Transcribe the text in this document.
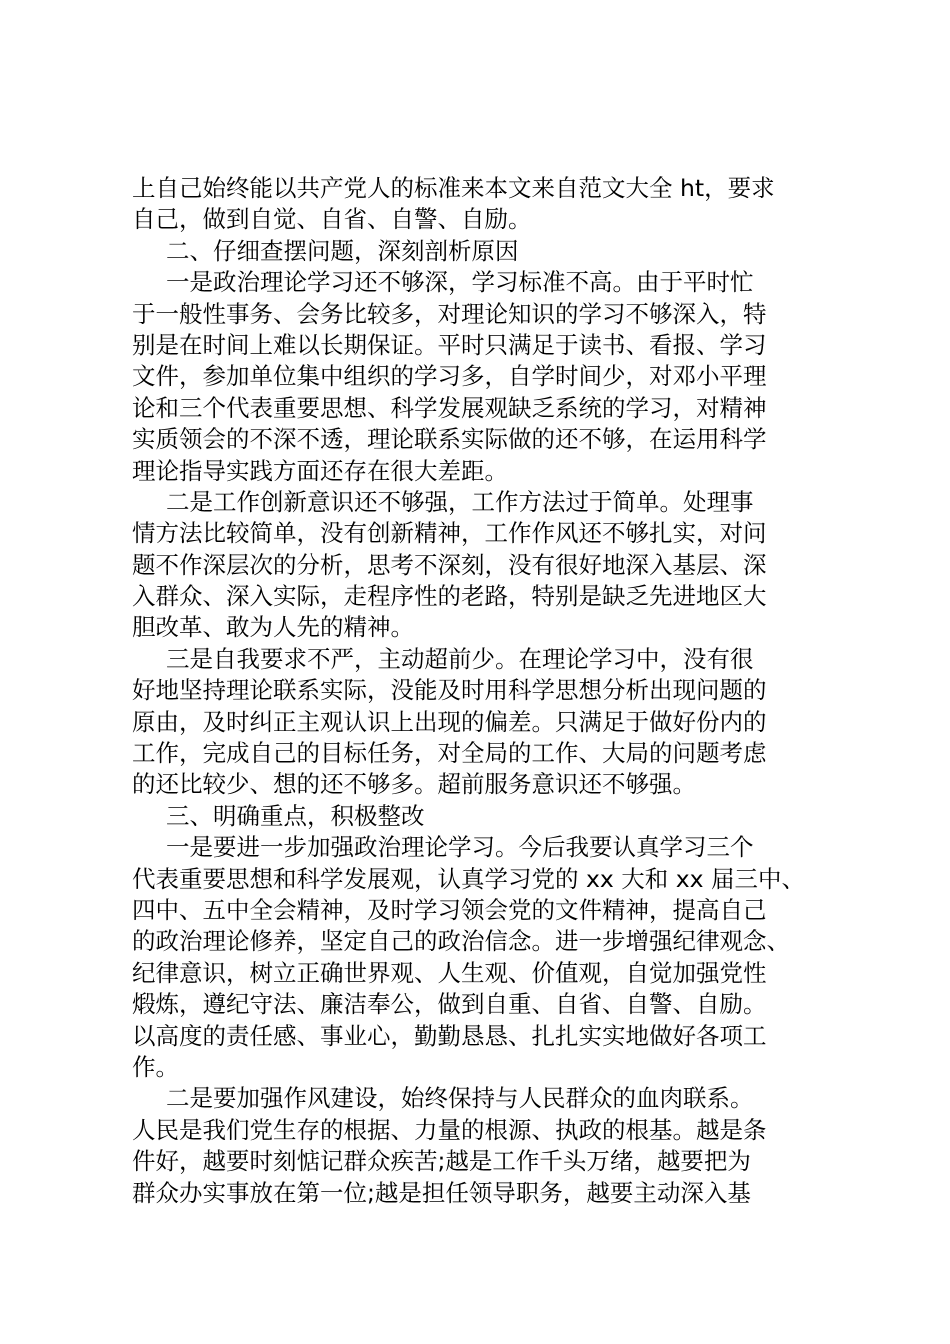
上自己始终能以共产党人的标准来本文来自范文大全 ht，要求
自己，做到自觉、自省、自警、自励。
二、仔细查摆问题，深刻剖析原因
一是政治理论学习还不够深，学习标准不高。由于平时忙
于一般性事务、会务比较多，对理论知识的学习不够深入，特
别是在时间上难以长期保证。平时只满足于读书、看报、学习
文件，参加单位集中组织的学习多，自学时间少，对邓小平理
论和三个代表重要思想、科学发展观缺乏系统的学习，对精神
实质领会的不深不透，理论联系实际做的还不够，在运用科学
理论指导实践方面还存在很大差距。
二是工作创新意识还不够强，工作方法过于简单。处理事
情方法比较简单，没有创新精神，工作作风还不够扎实，对问
题不作深层次的分析，思考不深刻，没有很好地深入基层、深
入群众、深入实际，走程序性的老路，特别是缺乏先进地区大
胆改革、敢为人先的精神。
三是自我要求不严，主动超前少。在理论学习中，没有很
好地坚持理论联系实际，没能及时用科学思想分析出现问题的
原由，及时纠正主观认识上出现的偏差。只满足于做好份内的
工作，完成自己的目标任务，对全局的工作、大局的问题考虑
的还比较少、想的还不够多。超前服务意识还不够强。
三、明确重点，积极整改
一是要进一步加强政治理论学习。今后我要认真学习三个
代表重要思想和科学发展观，认真学习党的 xx 大和 xx 届三中、
四中、五中全会精神，及时学习领会党的文件精神，提高自己
的政治理论修养，坚定自己的政治信念。进一步增强纪律观念、
纪律意识，树立正确世界观、人生观、价值观，自觉加强党性
煅炼，遵纪守法、廉洁奉公，做到自重、自省、自警、自励。
以高度的责任感、事业心，勤勤恳恳、扎扎实实地做好各项工
作。
二是要加强作风建设，始终保持与人民群众的血肉联系。
人民是我们党生存的根据、力量的根源、执政的根基。越是条
件好，越要时刻惦记群众疾苦;越是工作千头万绪，越要把为
群众办实事放在第一位;越是担任领导职务，越要主动深入基
